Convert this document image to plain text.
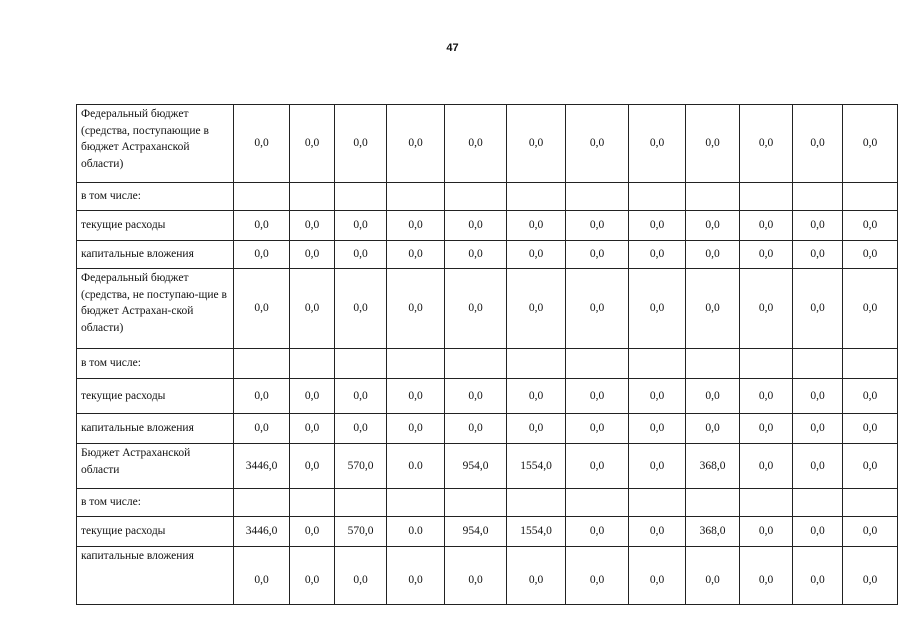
47
Федеральный бюджет (средства, поступающие в бюджет Астраханской области)	0,0	0,0	0,0	0,0	0,0	0,0	0,0	0,0	0,0	0,0	0,0	0,0
в том числе:												
текущие расходы	0,0	0,0	0,0	0,0	0,0	0,0	0,0	0,0	0,0	0,0	0,0	0,0
капитальные вложения	0,0	0,0	0,0	0,0	0,0	0,0	0,0	0,0	0,0	0,0	0,0	0,0
Федеральный бюджет (средства, не поступаю-щие в бюджет Астрахан-ской области)	0,0	0,0	0,0	0,0	0,0	0,0	0,0	0,0	0,0	0,0	0,0	0,0
в том числе:												
текущие расходы	0,0	0,0	0,0	0,0	0,0	0,0	0,0	0,0	0,0	0,0	0,0	0,0
капитальные вложения	0,0	0,0	0,0	0,0	0,0	0,0	0,0	0,0	0,0	0,0	0,0	0,0
Бюджет Астраханской области	3446,0	0,0	570,0	0.0	954,0	1554,0	0,0	0,0	368,0	0,0	0,0	0,0
в том числе:												
текущие расходы	3446,0	0,0	570,0	0.0	954,0	1554,0	0,0	0,0	368,0	0,0	0,0	0,0
капитальные вложения	0,0	0,0	0,0	0,0	0,0	0,0	0,0	0,0	0,0	0,0	0,0	0,0
